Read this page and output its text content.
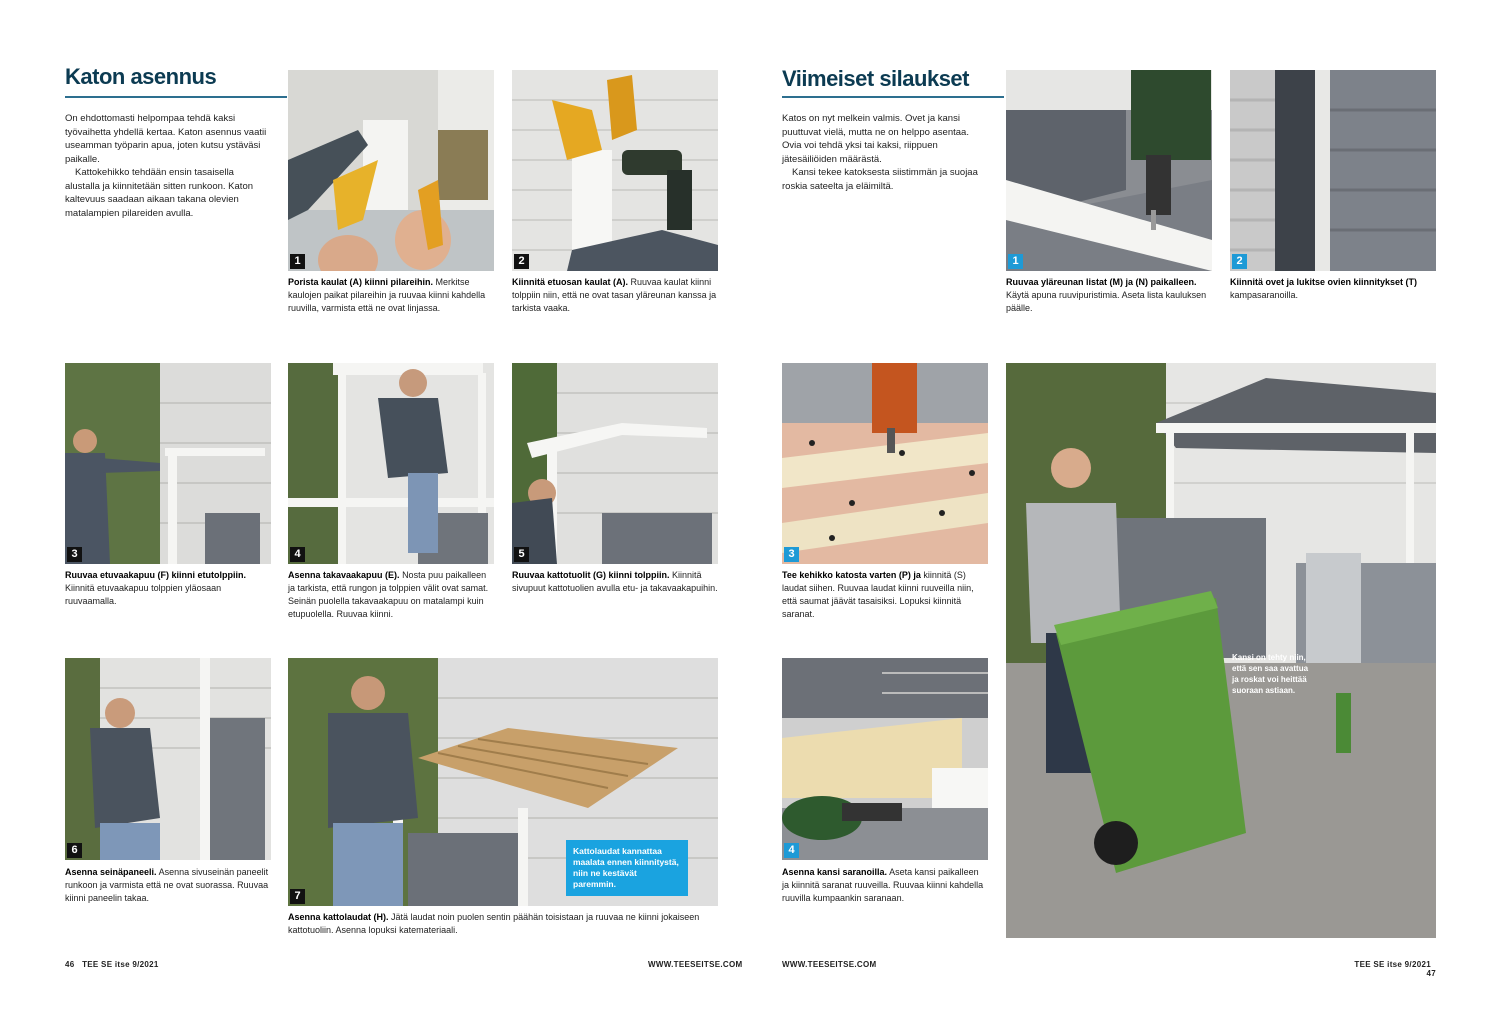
Katon asennus
On ehdottomasti helpompaa tehdä kaksi työvaihetta yhdellä kertaa. Katon asennus vaatii useamman työparin apua, joten kutsu ystäväsi paikalle.
Kattokehikko tehdään ensin tasaisella alustalla ja kiinnitetään sitten runkoon. Katon kaltevuus saadaan aikaan takana olevien matalampien pilareiden avulla.
1
Porista kaulat (A) kiinni pilareihin. Merkitse kaulojen paikat pilareihin ja ruuvaa kiinni kahdella ruuvilla, varmista että ne ovat linjassa.
2
Kiinnitä etuosan kaulat (A). Ruuvaa kaulat kiinni tolppiin niin, että ne ovat tasan yläreunan kanssa ja tarkista vaaka.
3
Ruuvaa etuvaakapuu (F) kiinni etutolppiin. Kiinnitä etuvaakapuu tolppien yläosaan ruuvaamalla.
4
Asenna takavaakapuu (E). Nosta puu paikalleen ja tarkista, että rungon ja tolppien välit ovat samat. Seinän puolella takavaakapuu on matalampi kuin etupuolella. Ruuvaa kiinni.
5
Ruuvaa kattotuolit (G) kiinni tolppiin. Kiinnitä sivupuut kattotuolien avulla etu- ja takavaakapuihin.
6
Asenna seinäpaneeli. Asenna sivuseinän paneelit runkoon ja varmista että ne ovat suorassa. Ruuvaa kiinni paneelin takaa.
Kattolaudat kannattaa maalata ennen kiinnitystä, niin ne kestävät paremmin.
7
Asenna kattolaudat (H). Jätä laudat noin puolen sentin päähän toisistaan ja ruuvaa ne kiinni jokaiseen kattotuoliin. Asenna lopuksi katemateriaali.
46 TEE SE itse 9/2021	WWW.TEESEITSE.COM
Viimeiset silaukset
Katos on nyt melkein valmis. Ovet ja kansi puuttuvat vielä, mutta ne on helppo asentaa. Ovia voi tehdä yksi tai kaksi, riippuen jätesäiliöiden määrästä.
Kansi tekee katoksesta siistimmän ja suojaa roskia sateelta ja eläimiltä.
1
Ruuvaa yläreunan listat (M) ja (N) paikalleen. Käytä apuna ruuvipuristimia. Aseta lista kauluksen päälle.
2
Kiinnitä ovet ja lukitse ovien kiinnitykset (T) kampasaranoilla.
3
Tee kehikko katosta varten (P) ja kiinnitä (S) laudat siihen. Ruuvaa laudat kiinni ruuveilla niin, että saumat jäävät tasaisiksi. Lopuksi kiinnitä saranat.
4
Asenna kansi saranoilla. Aseta kansi paikalleen ja kiinnitä saranat ruuveilla. Ruuvaa kiinni kahdella ruuvilla kumpaankin saranaan.
Kansi on tehty niin, että sen saa avattua ja roskat voi heittää suoraan astiaan.
WWW.TEESEITSE.COM	TEE SE itse 9/2021   47
